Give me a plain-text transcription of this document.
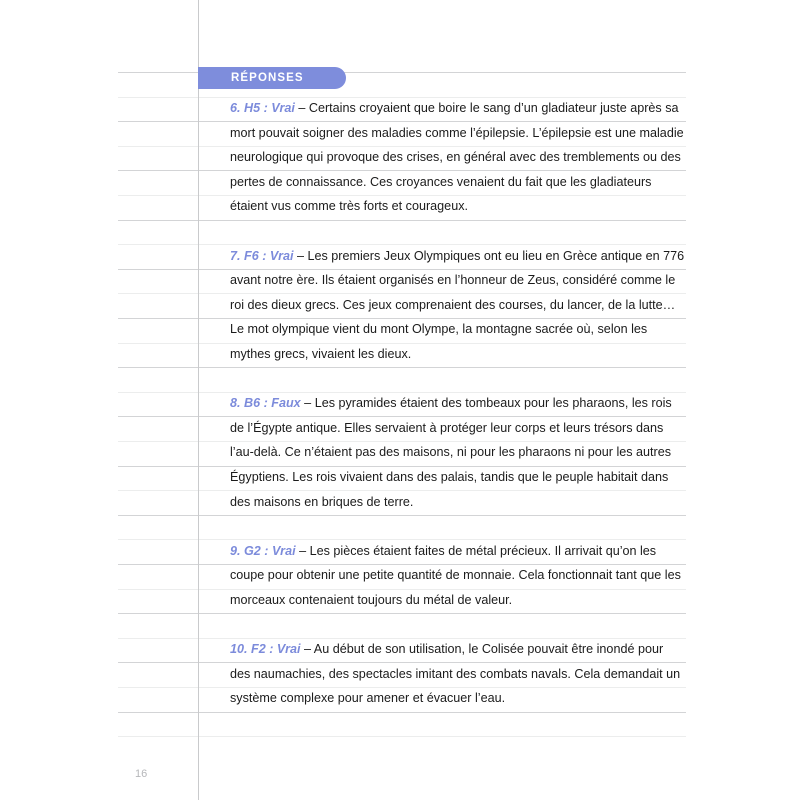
RÉPONSES

6. H5 : Vrai – Certains croyaient que boire le sang d’un gladiateur juste après sa mort pouvait soigner des maladies comme l’épilepsie. L’épilepsie est une maladie neurologique qui provoque des crises, en général avec des tremblements ou des pertes de connaissance. Ces croyances venaient du fait que les gladiateurs étaient vus comme très forts et courageux.

7. F6 : Vrai – Les premiers Jeux Olympiques ont eu lieu en Grèce antique en 776 avant notre ère. Ils étaient organisés en l’honneur de Zeus, considéré comme le roi des dieux grecs. Ces jeux comprenaient des courses, du lancer, de la lutte… Le mot olympique vient du mont Olympe, la montagne sacrée où, selon les mythes grecs, vivaient les dieux.

8. B6 : Faux – Les pyramides étaient des tombeaux pour les pharaons, les rois de l’Égypte antique. Elles servaient à protéger leur corps et leurs trésors dans l’au-delà. Ce n’étaient pas des maisons, ni pour les pharaons ni pour les autres Égyptiens. Les rois vivaient dans des palais, tandis que le peuple habitait dans des maisons en briques de terre.

9. G2 : Vrai – Les pièces étaient faites de métal précieux. Il arrivait qu’on les coupe pour obtenir une petite quantité de monnaie. Cela fonctionnait tant que les morceaux contenaient toujours du métal de valeur.

10. F2 : Vrai – Au début de son utilisation, le Colisée pouvait être inondé pour des naumachies, des spectacles imitant des combats navals. Cela demandait un système complexe pour amener et évacuer l’eau.

16
